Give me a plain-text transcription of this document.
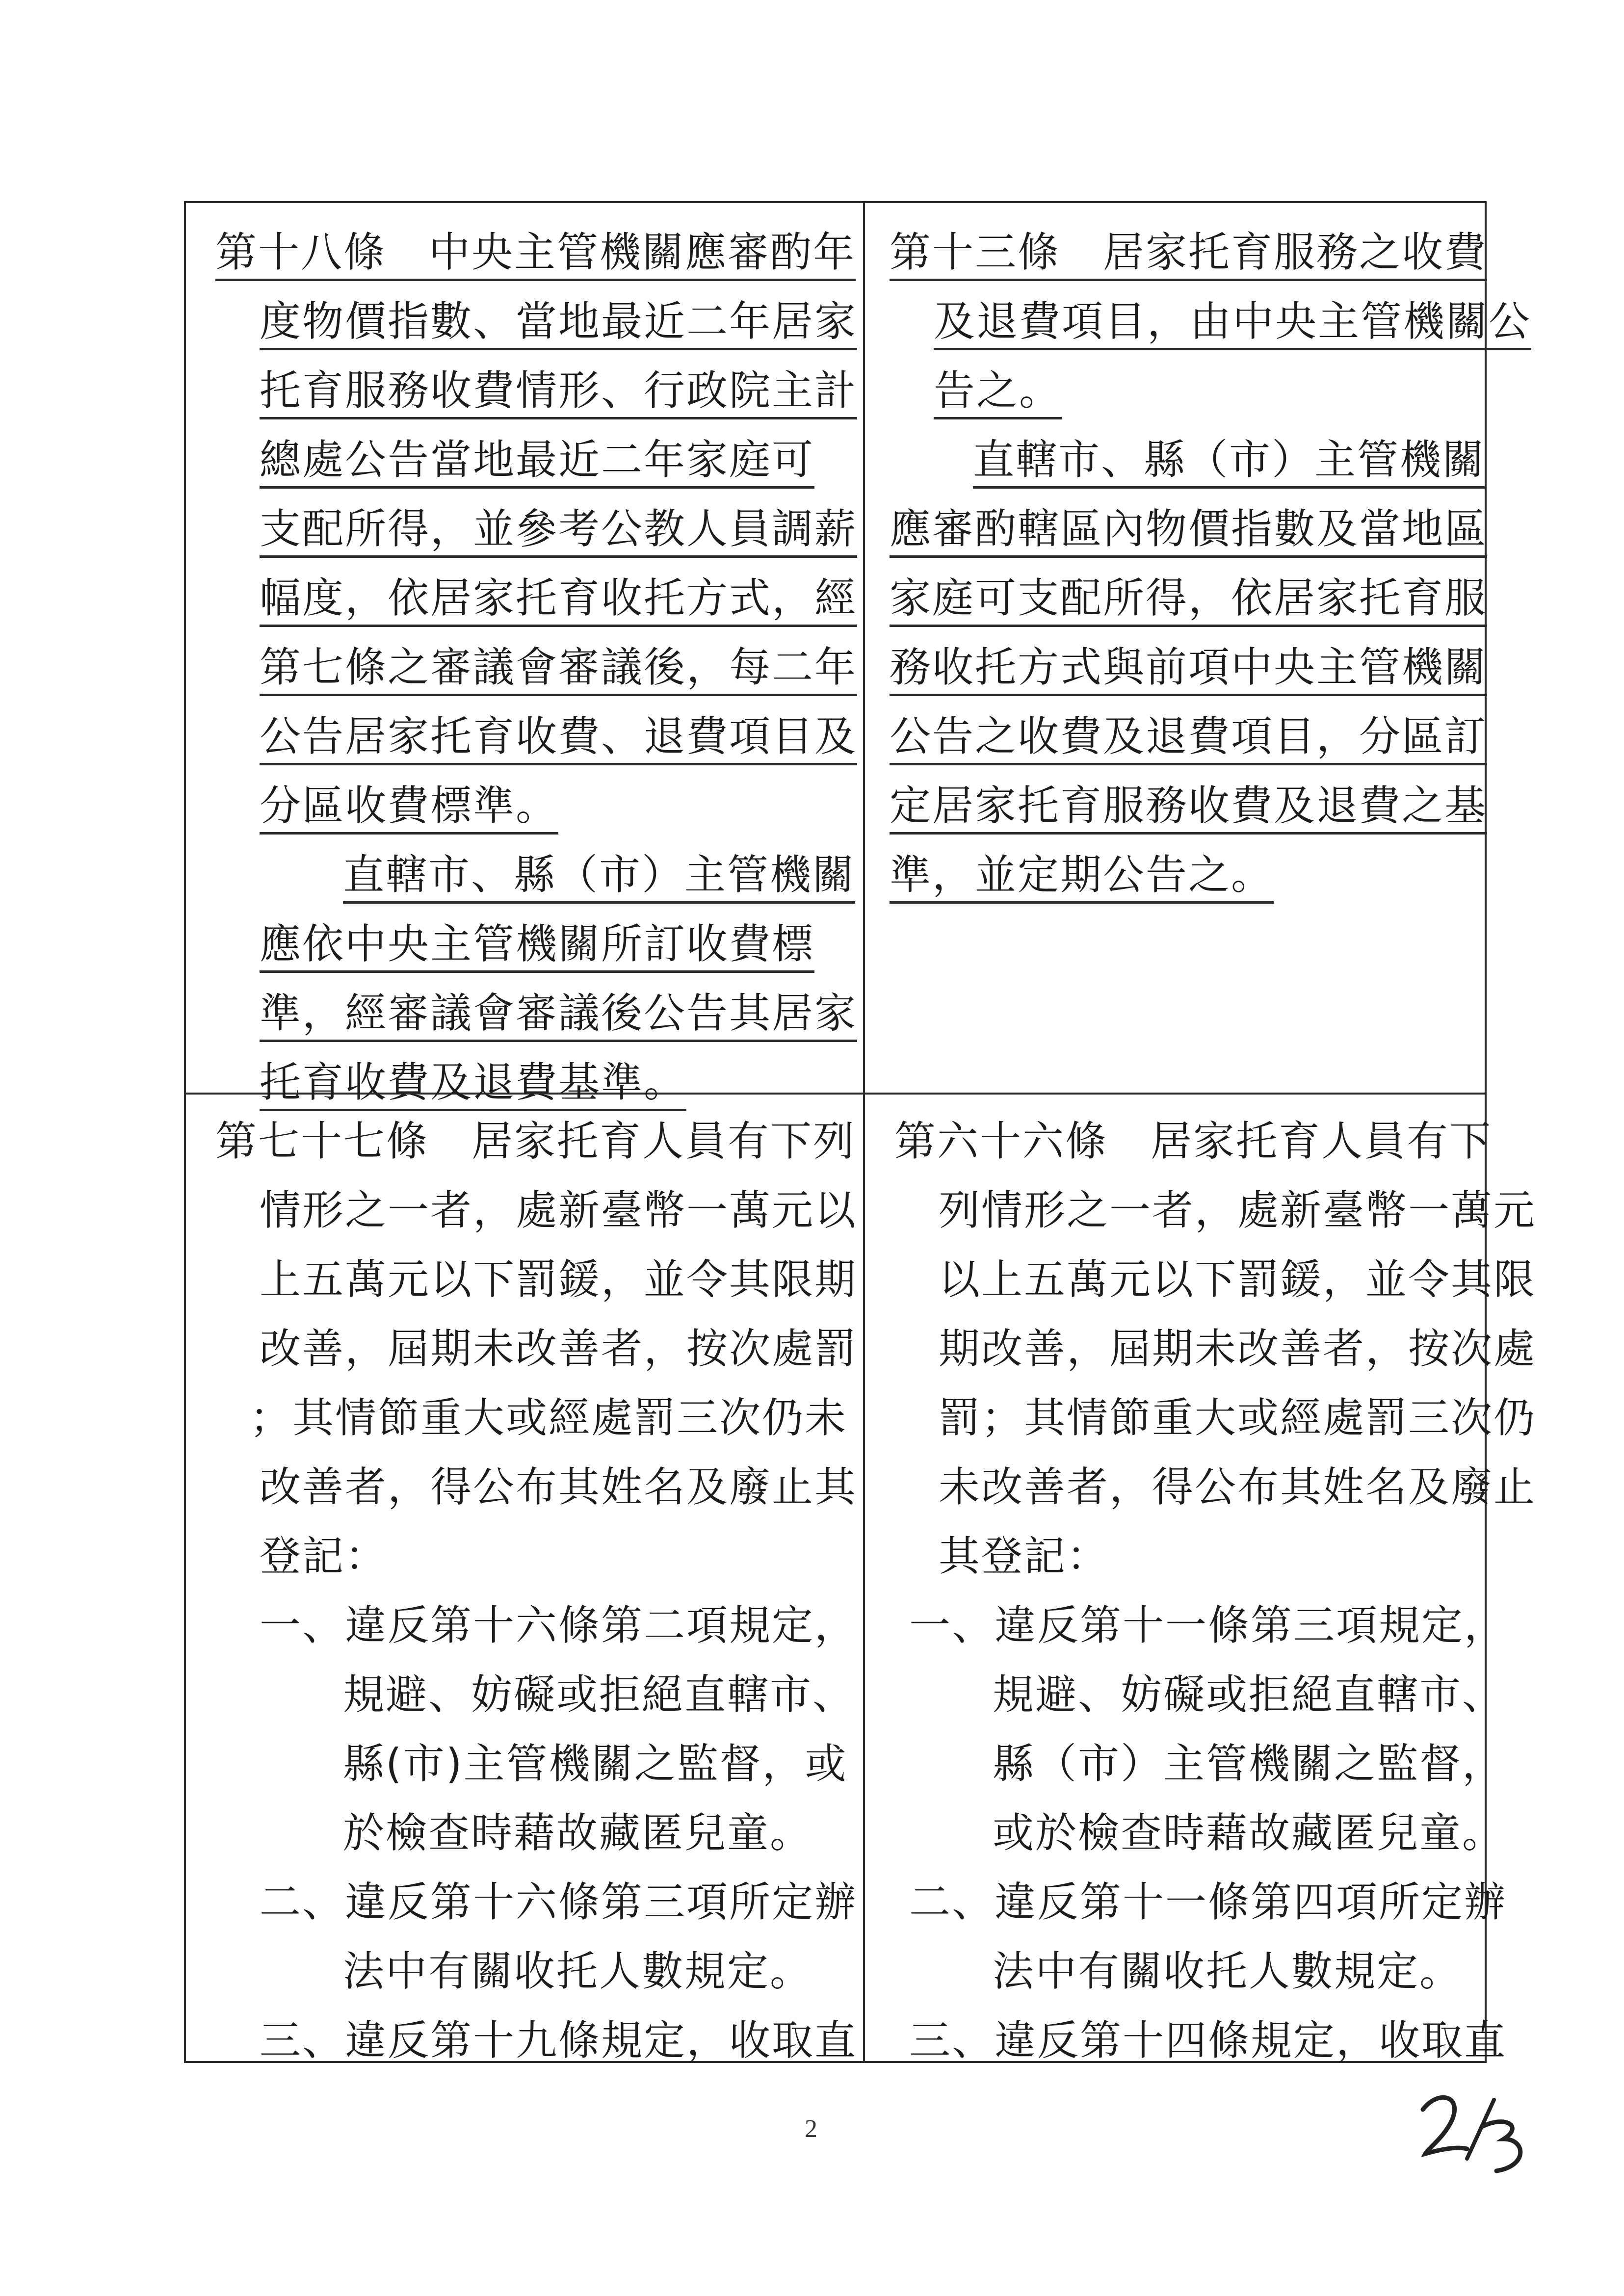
第十八條　中央主管機關應審酌年
度物價指數、當地最近二年居家
托育服務收費情形、行政院主計
總處公告當地最近二年家庭可
支配所得，並參考公教人員調薪
幅度，依居家托育收托方式，經
第七條之審議會審議後，每二年
公告居家托育收費、退費項目及
分區收費標準。
直轄市、縣（市）主管機關
應依中央主管機關所訂收費標
準，經審議會審議後公告其居家
托育收費及退費基準。
第十三條　居家托育服務之收費
及退費項目，由中央主管機關公
告之。
直轄市、縣（市）主管機關
應審酌轄區內物價指數及當地區
家庭可支配所得，依居家托育服
務收托方式與前項中央主管機關
公告之收費及退費項目，分區訂
定居家托育服務收費及退費之基
準，並定期公告之。
第七十七條　居家托育人員有下列
情形之一者，處新臺幣一萬元以
上五萬元以下罰鍰，並令其限期
改善，屆期未改善者，按次處罰
；其情節重大或經處罰三次仍未
改善者，得公布其姓名及廢止其
登記：
一、違反第十六條第二項規定，
規避、妨礙或拒絕直轄市、
縣(市)主管機關之監督，或
於檢查時藉故藏匿兒童。
二、違反第十六條第三項所定辦
法中有關收托人數規定。
三、違反第十九條規定，收取直
第六十六條　居家托育人員有下
列情形之一者，處新臺幣一萬元
以上五萬元以下罰鍰，並令其限
期改善，屆期未改善者，按次處
罰；其情節重大或經處罰三次仍
未改善者，得公布其姓名及廢止
其登記：
一、違反第十一條第三項規定，
規避、妨礙或拒絕直轄市、
縣（市）主管機關之監督，
或於檢查時藉故藏匿兒童。
二、違反第十一條第四項所定辦
法中有關收托人數規定。
三、違反第十四條規定，收取直
2
